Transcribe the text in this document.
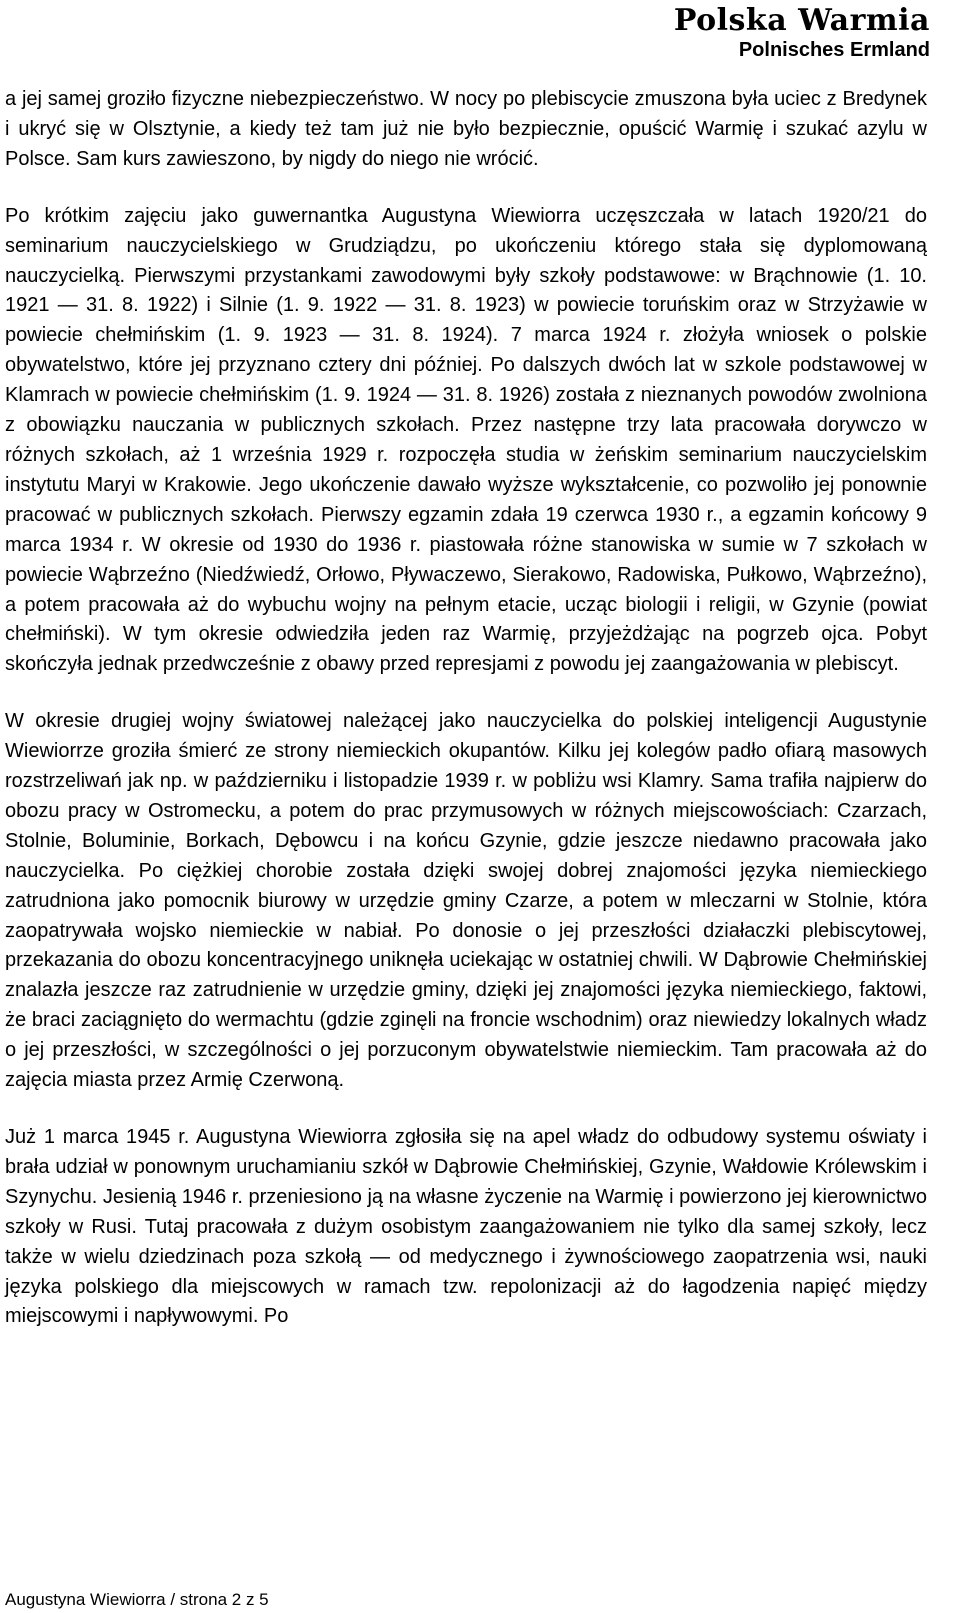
Polska Warmia
Polnisches Ermland

a jej samej groziło fizyczne niebezpieczeństwo. W nocy po plebiscycie zmuszona była uciec z Bredynek i ukryć się w Olsztynie, a kiedy też tam już nie było bezpiecznie, opuścić Warmię i szukać azylu w Polsce. Sam kurs zawieszono, by nigdy do niego nie wrócić.

Po krótkim zajęciu jako guwernantka Augustyna Wiewiorra uczęszczała w latach 1920/21 do seminarium nauczycielskiego w Grudziądzu, po ukończeniu którego stała się dyplomowaną nauczycielką. Pierwszymi przystankami zawodowymi były szkoły podstawowe: w Brąchnowie (1. 10. 1921 — 31. 8. 1922) i Silnie (1. 9. 1922 — 31. 8. 1923) w powiecie toruńskim oraz w Strzyżawie w powiecie chełmińskim (1. 9. 1923 — 31. 8. 1924). 7 marca 1924 r. złożyła wniosek o polskie obywatelstwo, które jej przyznano cztery dni później. Po dalszych dwóch lat w szkole podstawowej w Klamrach w powiecie chełmińskim (1. 9. 1924 — 31. 8. 1926) została z nieznanych powodów zwolniona z obowiązku nauczania w publicznych szkołach. Przez następne trzy lata pracowała dorywczo w różnych szkołach, aż 1 września 1929 r. rozpoczęła studia w żeńskim seminarium nauczycielskim instytutu Maryi w Krakowie. Jego ukończenie dawało wyższe wykształcenie, co pozwoliło jej ponownie pracować w publicznych szkołach. Pierwszy egzamin zdała 19 czerwca 1930 r., a egzamin końcowy 9 marca 1934 r. W okresie od 1930 do 1936 r. piastowała różne stanowiska w sumie w 7 szkołach w powiecie Wąbrzeźno (Niedźwiedź, Orłowo, Pływaczewo, Sierakowo, Radowiska, Pułkowo, Wąbrzeźno), a potem pracowała aż do wybuchu wojny na pełnym etacie, ucząc biologii i religii, w Gzynie (powiat chełmiński). W tym okresie odwiedziła jeden raz Warmię, przyjeżdżając na pogrzeb ojca. Pobyt skończyła jednak przedwcześnie z obawy przed represjami z powodu jej zaangażowania w plebiscyt.

W okresie drugiej wojny światowej należącej jako nauczycielka do polskiej inteligencji Augustynie Wiewiorrze groziła śmierć ze strony niemieckich okupantów. Kilku jej kolegów padło ofiarą masowych rozstrzeliwań jak np. w październiku i listopadzie 1939 r. w pobliżu wsi Klamry. Sama trafiła najpierw do obozu pracy w Ostromecku, a potem do prac przymusowych w różnych miejscowościach: Czarzach, Stolnie, Boluminie, Borkach, Dębowcu i na końcu Gzynie, gdzie jeszcze niedawno pracowała jako nauczycielka. Po ciężkiej chorobie została dzięki swojej dobrej znajomości języka niemieckiego zatrudniona jako pomocnik biurowy w urzędzie gminy Czarze, a potem w mleczarni w Stolnie, która zaopatrywała wojsko niemieckie w nabiał. Po donosie o jej przeszłości działaczki plebiscytowej, przekazania do obozu koncentracyjnego uniknęła uciekając w ostatniej chwili. W Dąbrowie Chełmińskiej znalazła jeszcze raz zatrudnienie w urzędzie gminy, dzięki jej znajomości języka niemieckiego, faktowi, że braci zaciągnięto do wermachtu (gdzie zginęli na froncie wschodnim) oraz niewiedzy lokalnych władz o jej przeszłości, w szczególności o jej porzuconym obywatelstwie niemieckim. Tam pracowała aż do zajęcia miasta przez Armię Czerwoną.

Już 1 marca 1945 r. Augustyna Wiewiorra zgłosiła się na apel władz do odbudowy systemu oświaty i brała udział w ponownym uruchamianiu szkół w Dąbrowie Chełmińskiej, Gzynie, Wałdowie Królewskim i Szynychu. Jesienią 1946 r. przeniesiono ją na własne życzenie na Warmię i powierzono jej kierownictwo szkoły w Rusi. Tutaj pracowała z dużym osobistym zaangażowaniem nie tylko dla samej szkoły, lecz także w wielu dziedzinach poza szkołą — od medycznego i żywnościowego zaopatrzenia wsi, nauki języka polskiego dla miejscowych w ramach tzw. repolonizacji aż do łagodzenia napięć między miejscowymi i napływowymi. Po

Augustyna Wiewiorra / strona 2 z 5
